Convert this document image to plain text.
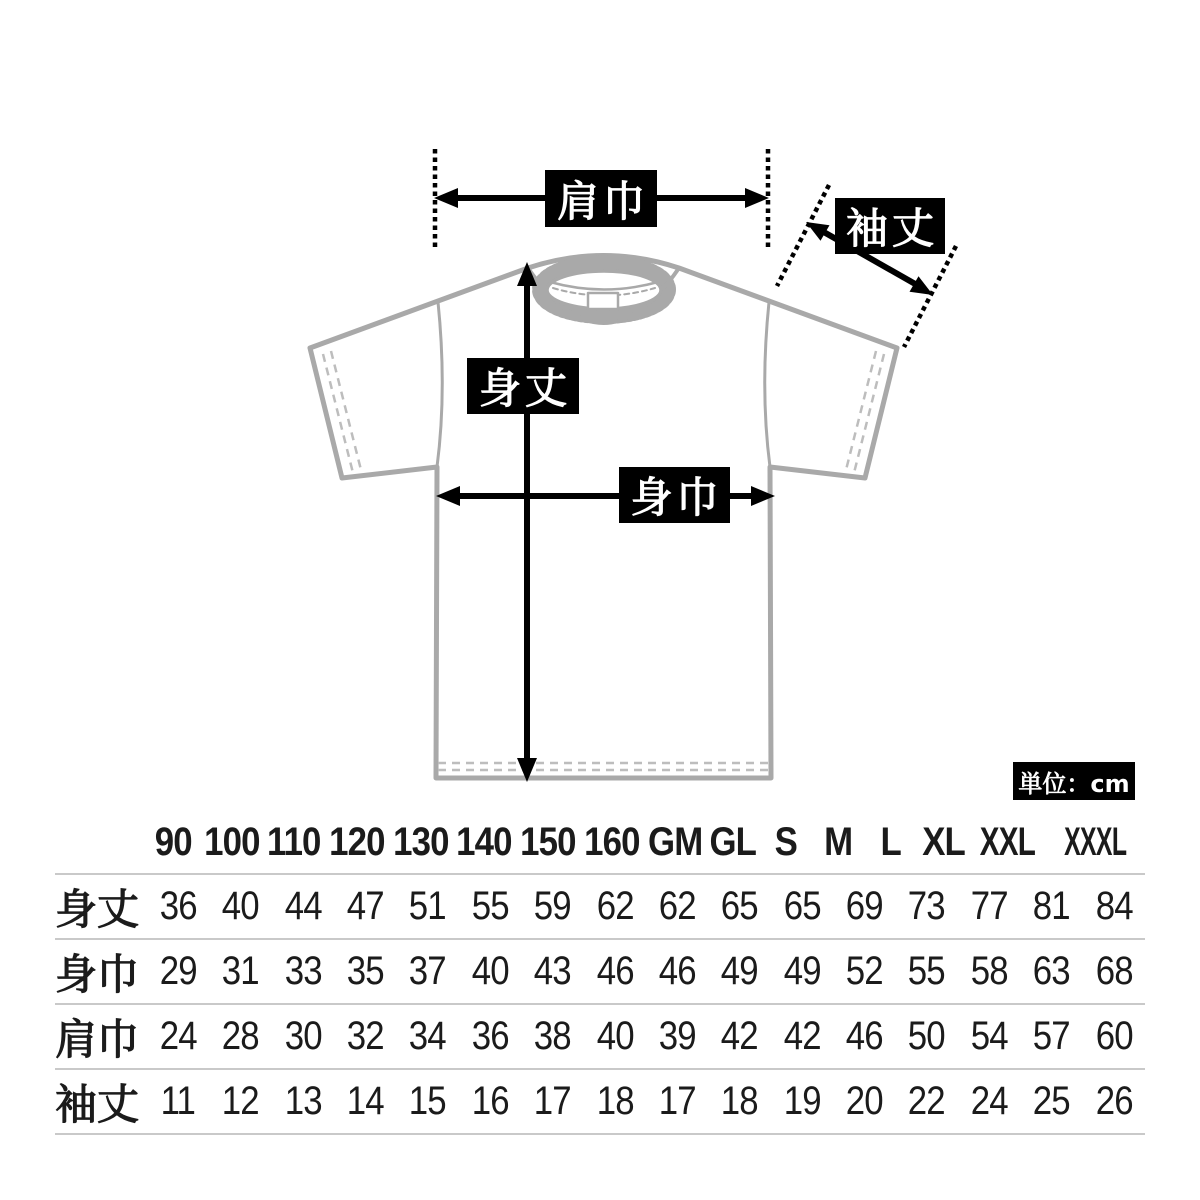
肩巾
袖丈
身丈
身巾
単位：cm
90 100 110 120 130 140 150 160 GM GL S M L XL XXL XXXL
身丈 36 40 44 47 51 55 59 62 62 65 65 69 73 77 81 84
身巾 29 31 33 35 37 40 43 46 46 49 49 52 55 58 63 68
肩巾 24 28 30 32 34 36 38 40 39 42 42 46 50 54 57 60
袖丈 11 12 13 14 15 16 17 18 17 18 19 20 22 24 25 26
